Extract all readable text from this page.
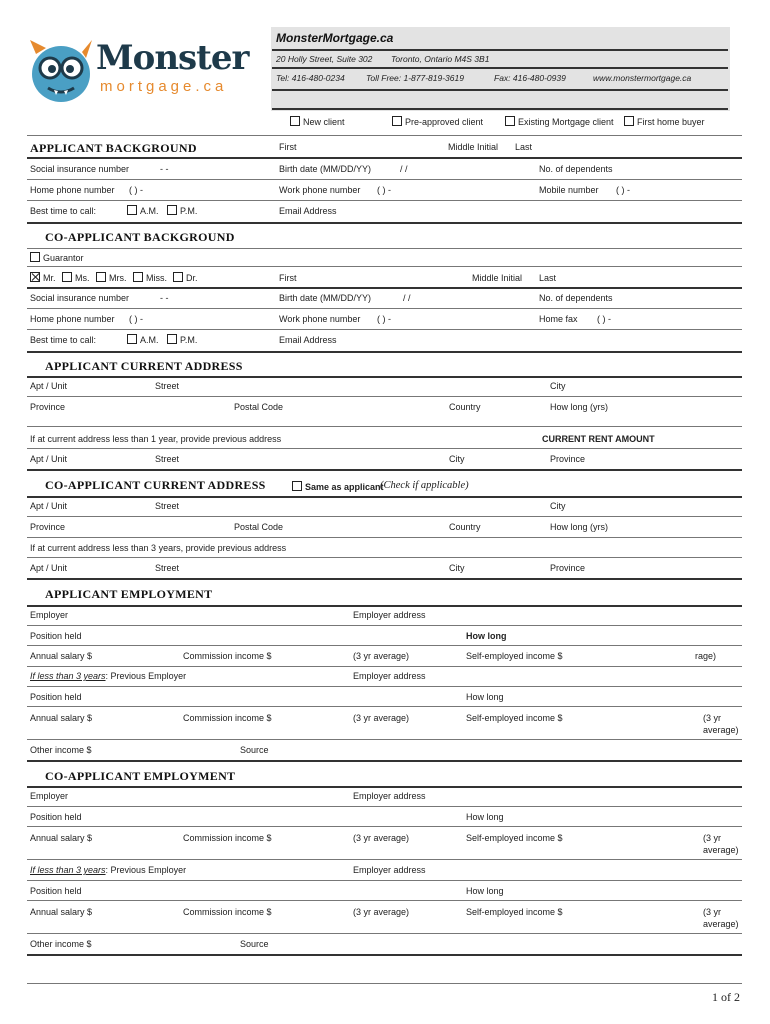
Monster
mortgage.ca
MonsterMortgage.ca
20 Holly Street, Suite 302 Toronto, Ontario M4S 3B1
Tel: 416-480-0234	Toll Free: 1-877-819-3619	Fax: 416-480-0939	www.monstermortgage.ca
New client	Pre-approved client	Existing Mortgage client	First home buyer
APPLICANT BACKGROUND	First	Middle Initial Last
Social insurance number	- -	Birth date (MM/DD/YY)	/ /	No. of dependents
Home phone number ( ) -	Work phone number ( ) -	Mobile number ( ) -
Best time to call:	A.M.	P.M.	Email Address
CO-APPLICANT BACKGROUND
Guarantor
Mr.	Ms.	Mrs.	Miss.	Dr.	First	Middle Initial Last
Social insurance number	- -	Birth date (MM/DD/YY)	/ /	No. of dependents
Home phone number ( ) -	Work phone number ( ) -	Home fax ( ) -
Best time to call:	A.M.	P.M.	Email Address
APPLICANT CURRENT ADDRESS
Apt / Unit	Street	City
Province	Postal Code	Country	How long (yrs)
If at current address less than 1 year, provide previous address	CURRENT RENT AMOUNT
Apt / Unit	Street	City	Province
CO-APPLICANT CURRENT ADDRESS	Same as applicant
(Check if applicable)
Apt / Unit	Street	City
Province	Postal Code	Country	How long (yrs)
If at current address less than 3 years, provide previous address
Apt / Unit	Street	City	Province
APPLICANT EMPLOYMENT
Employer	Employer address
Position held	How long
Annual salary $	Commission income $	(3 yr average)	Self-employed income $	rage)
If less than 3 years: Previous Employer	Employer address
Position held	How long
Annual salary $	Commission income $	(3 yr average)	Self-employed income $	(3 yr
average)
Other income $	Source
CO-APPLICANT EMPLOYMENT
Employer	Employer address
Position held	How long
Annual salary $	Commission income $	(3 yr average)	Self-employed income $	(3 yr
average)
If less than 3 years: Previous Employer	Employer address
Position held	How long
Annual salary $	Commission income $	(3 yr average)	Self-employed income $	(3 yr
average)
Other income $	Source
1 of 2
